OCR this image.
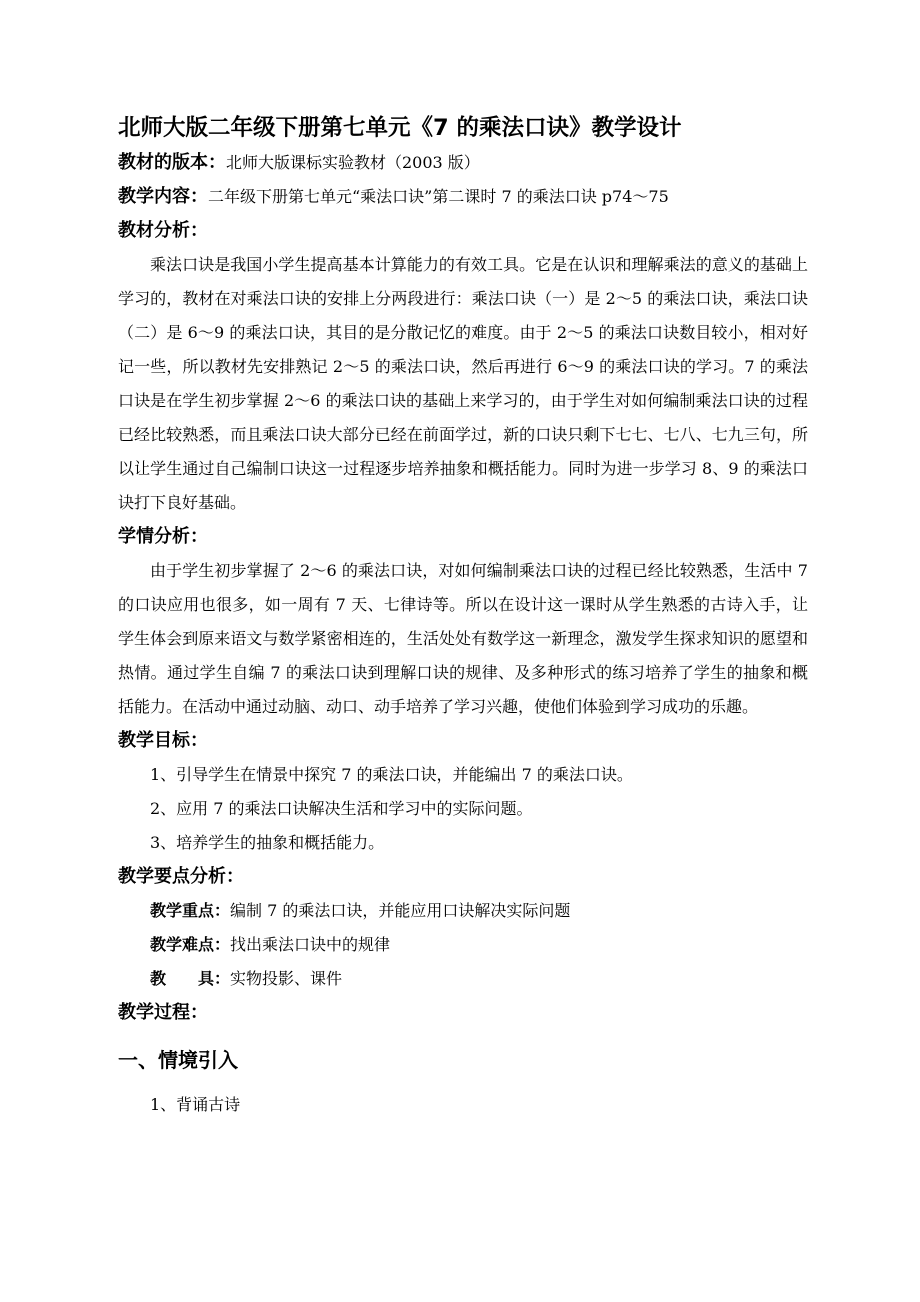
北师大版二年级下册第七单元《7 的乘法口诀》教学设计
教材的版本：北师大版课标实验教材（2003 版）
教学内容：二年级下册第七单元“乘法口诀”第二课时 7 的乘法口诀 p74～75
教材分析：

乘法口诀是我国小学生提高基本计算能力的有效工具。它是在认识和理解乘法的意义的基础上学习的，教材在对乘法口诀的安排上分两段进行：乘法口诀（一）是 2～5 的乘法口诀，乘法口诀（二）是 6～9 的乘法口诀，其目的是分散记忆的难度。由于 2～5 的乘法口诀数目较小，相对好记一些，所以教材先安排熟记 2～5 的乘法口诀，然后再进行 6～9 的乘法口诀的学习。7 的乘法口诀是在学生初步掌握 2～6 的乘法口诀的基础上来学习的，由于学生对如何编制乘法口诀的过程已经比较熟悉，而且乘法口诀大部分已经在前面学过，新的口诀只剩下七七、七八、七九三句，所以让学生通过自己编制口诀这一过程逐步培养抽象和概括能力。同时为进一步学习 8、9 的乘法口诀打下良好基础。

学情分析：

由于学生初步掌握了 2～6 的乘法口诀，对如何编制乘法口诀的过程已经比较熟悉，生活中 7 的口诀应用也很多，如一周有 7 天、七律诗等。所以在设计这一课时从学生熟悉的古诗入手，让学生体会到原来语文与数学紧密相连的，生活处处有数学这一新理念，激发学生探求知识的愿望和热情。通过学生自编 7 的乘法口诀到理解口诀的规律、及多种形式的练习培养了学生的抽象和概括能力。在活动中通过动脑、动口、动手培养了学习兴趣，使他们体验到学习成功的乐趣。

教学目标：

1、引导学生在情景中探究 7 的乘法口诀，并能编出 7 的乘法口诀。

2、应用 7 的乘法口诀解决生活和学习中的实际问题。

3、培养学生的抽象和概括能力。

教学要点分析：

教学重点：编制 7 的乘法口诀，并能应用口诀解决实际问题

教学难点：找出乘法口诀中的规律

教　　具：实物投影、课件

教学过程：
一、情境引入

1、背诵古诗
